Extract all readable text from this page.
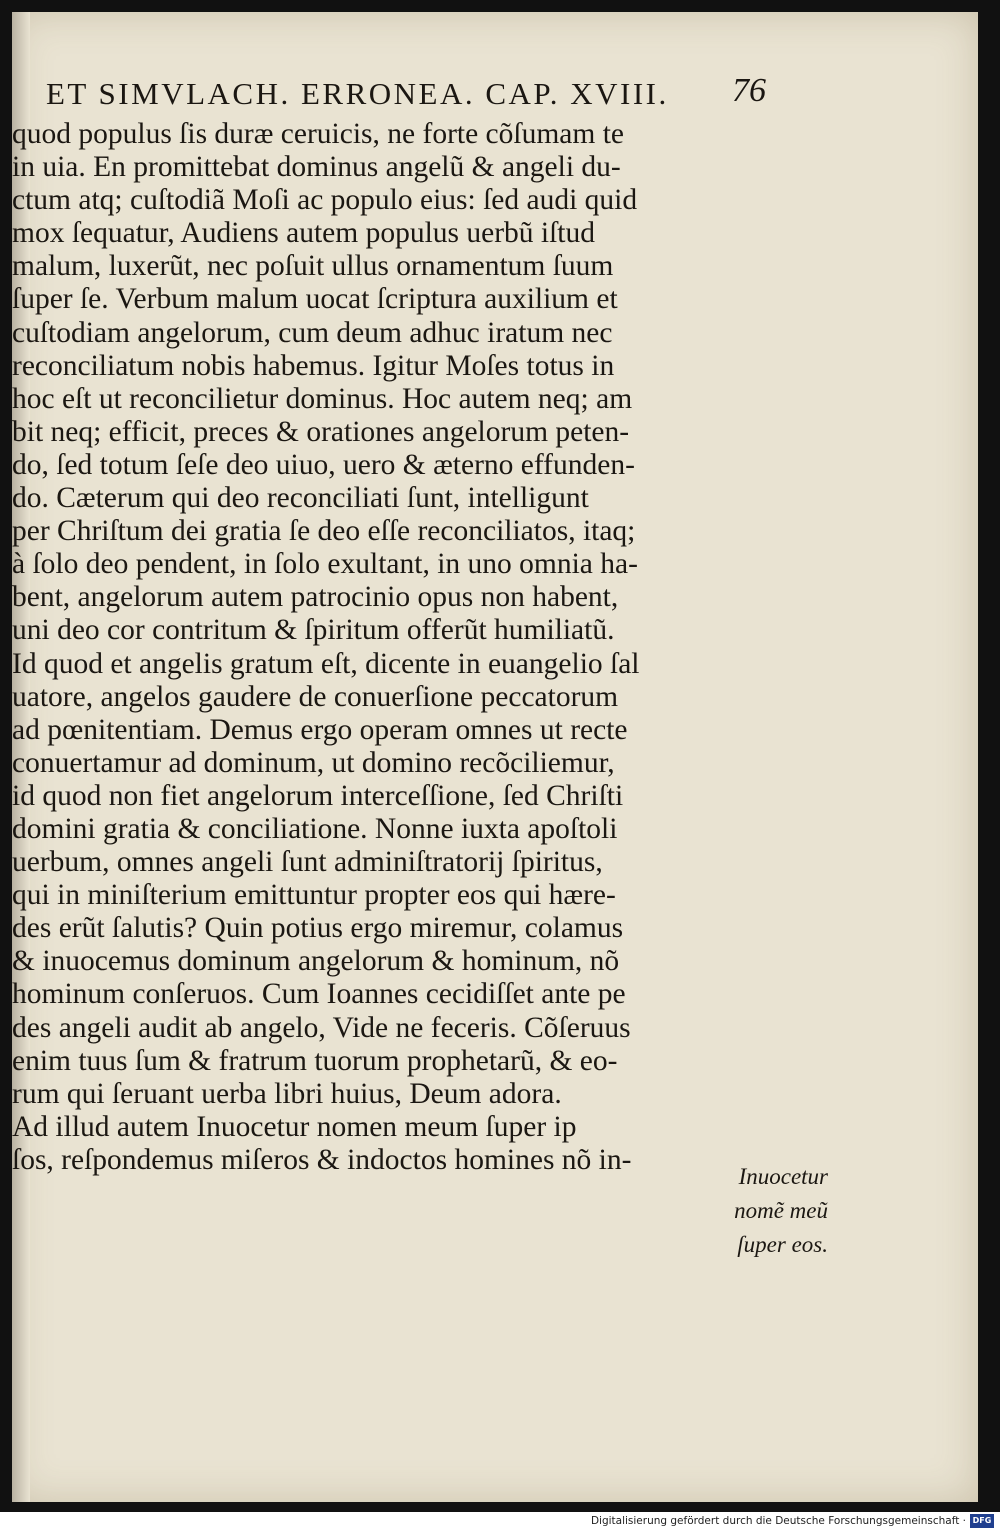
ET SIMVLACH. ERRONEA. CAP. XVIII.	76
quod populus ſis duræ ceruicis, ne forte cõſumam te
in uia. En promittebat dominus angelũ & angeli du-
ctum atq; cuſtodiã Moſi ac populo eius: ſed audi quid
mox ſequatur, Audiens autem populus uerbũ iſtud
malum, luxerũt, nec poſuit ullus ornamentum ſuum
ſuper ſe. Verbum malum uocat ſcriptura auxilium et
cuſtodiam angelorum, cum deum adhuc iratum nec
reconciliatum nobis habemus. Igitur Moſes totus in
hoc eſt ut reconcilietur dominus. Hoc autem neq; am
bit neq; efficit, preces & orationes angelorum peten-
do, ſed totum ſeſe deo uiuo, uero & æterno effunden-
do. Cæterum qui deo reconciliati ſunt, intelligunt
per Chriſtum dei gratia ſe deo eſſe reconciliatos, itaq;
à ſolo deo pendent, in ſolo exultant, in uno omnia ha-
bent, angelorum autem patrocinio opus non habent,
uni deo cor contritum & ſpiritum offerũt humiliatũ.
Id quod et angelis gratum eſt, dicente in euangelio ſal
uatore, angelos gaudere de conuerſione peccatorum
ad pœnitentiam. Demus ergo operam omnes ut recte
conuertamur ad dominum, ut domino recõciliemur,
id quod non fiet angelorum interceſſione, ſed Chriſti
domini gratia & conciliatione. Nonne iuxta apoſtoli
uerbum, omnes angeli ſunt adminiſtratorij ſpiritus,
qui in miniſterium emittuntur propter eos qui hære-
des erũt ſalutis? Quin potius ergo miremur, colamus
& inuocemus dominum angelorum & hominum, nõ
hominum conſeruos. Cum Ioannes cecidiſſet ante pe
des angeli audit ab angelo, Vide ne feceris. Cõſeruus
enim tuus ſum & fratrum tuorum prophetarũ, & eo-
rum qui ſeruant uerba libri huius, Deum adora.
Ad illud autem Inuocetur nomen meum ſuper ip
ſos, reſpondemus miſeros & indoctos homines nõ in-
Inuocetur
nomẽ meũ
ſuper eos.
Digitalisierung gefördert durch die Deutsche Forschungsgemeinschaft · DFG
